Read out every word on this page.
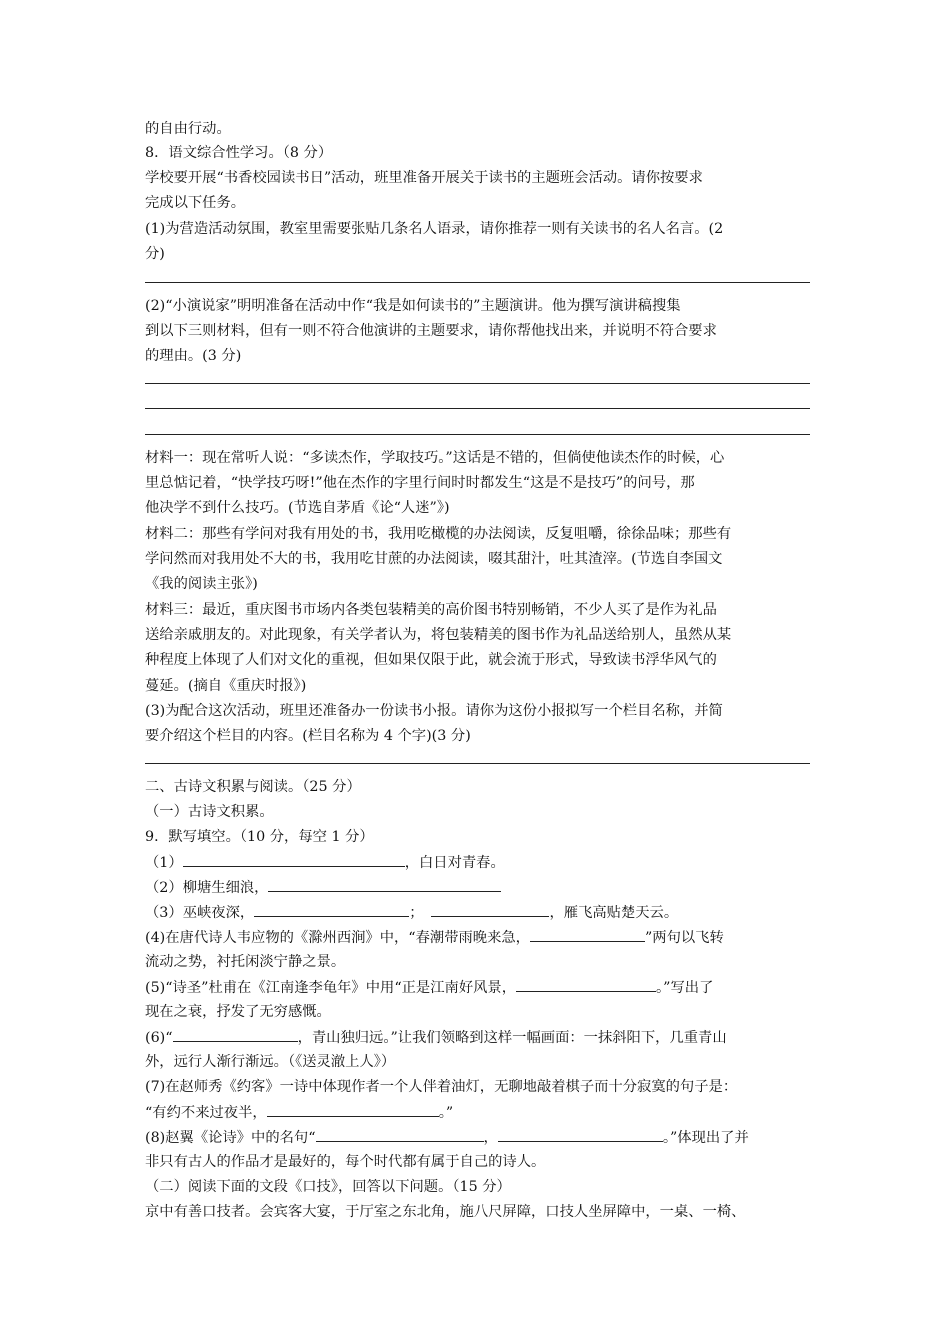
的自由行动。
8．语文综合性学习。（8 分）
学校要开展“书香校园读书日”活动，班里准备开展关于读书的主题班会活动。请你按要求
完成以下任务。
(1)为营造活动氛围，教室里需要张贴几条名人语录，请你推荐一则有关读书的名人名言。(2
分)
(2)“小演说家”明明准备在活动中作“我是如何读书的”主题演讲。他为撰写演讲稿搜集
到以下三则材料，但有一则不符合他演讲的主题要求，请你帮他找出来，并说明不符合要求
的理由。(3 分)
材料一：现在常听人说：“多读杰作，学取技巧。”这话是不错的，但倘使他读杰作的时候，心
里总惦记着，“快学技巧呀!”他在杰作的字里行间时时都发生“这是不是技巧”的问号，那
他决学不到什么技巧。(节选自茅盾《论“人迷”》)
材料二：那些有学问对我有用处的书，我用吃橄榄的办法阅读，反复咀嚼，徐徐品味；那些有
学问然而对我用处不大的书，我用吃甘蔗的办法阅读，啜其甜汁，吐其渣滓。(节选自李国文
《我的阅读主张》)
材料三：最近，重庆图书市场内各类包装精美的高价图书特别畅销，不少人买了是作为礼品
送给亲戚朋友的。对此现象，有关学者认为，将包装精美的图书作为礼品送给别人，虽然从某
种程度上体现了人们对文化的重视，但如果仅限于此，就会流于形式，导致读书浮华风气的
蔓延。(摘自《重庆时报》)
(3)为配合这次活动，班里还准备办一份读书小报。请你为这份小报拟写一个栏目名称，并简
要介绍这个栏目的内容。(栏目名称为 4 个字)(3 分)
二、古诗文积累与阅读。（25 分）
（一）古诗文积累。
9．默写填空。（10 分，每空 1 分）
（1）	，白日对青春。
（2）柳塘生细浪，
（3）巫峡夜深，	；	，雁飞高贴楚天云。
(4)在唐代诗人韦应物的《滁州西涧》中，“春潮带雨晚来急，	”两句以飞转
流动之势，衬托闲淡宁静之景。
(5)“诗圣”杜甫在《江南逢李龟年》中用“正是江南好风景，	。”写出了
现在之衰，抒发了无穷感慨。
(6)“	，青山独归远。”让我们领略到这样一幅画面：一抹斜阳下，几重青山
外，远行人渐行渐远。（《送灵澈上人》）
(7)在赵师秀《约客》一诗中体现作者一个人伴着油灯，无聊地敲着棋子而十分寂寞的句子是：
“有约不来过夜半，	。”
(8)赵翼《论诗》中的名句“	，	。”体现出了并
非只有古人的作品才是最好的，每个时代都有属于自己的诗人。
（二）阅读下面的文段《口技》，回答以下问题。（15 分）
京中有善口技者。会宾客大宴，于厅室之东北角，施八尺屏障，口技人坐屏障中，一桌、一椅、
